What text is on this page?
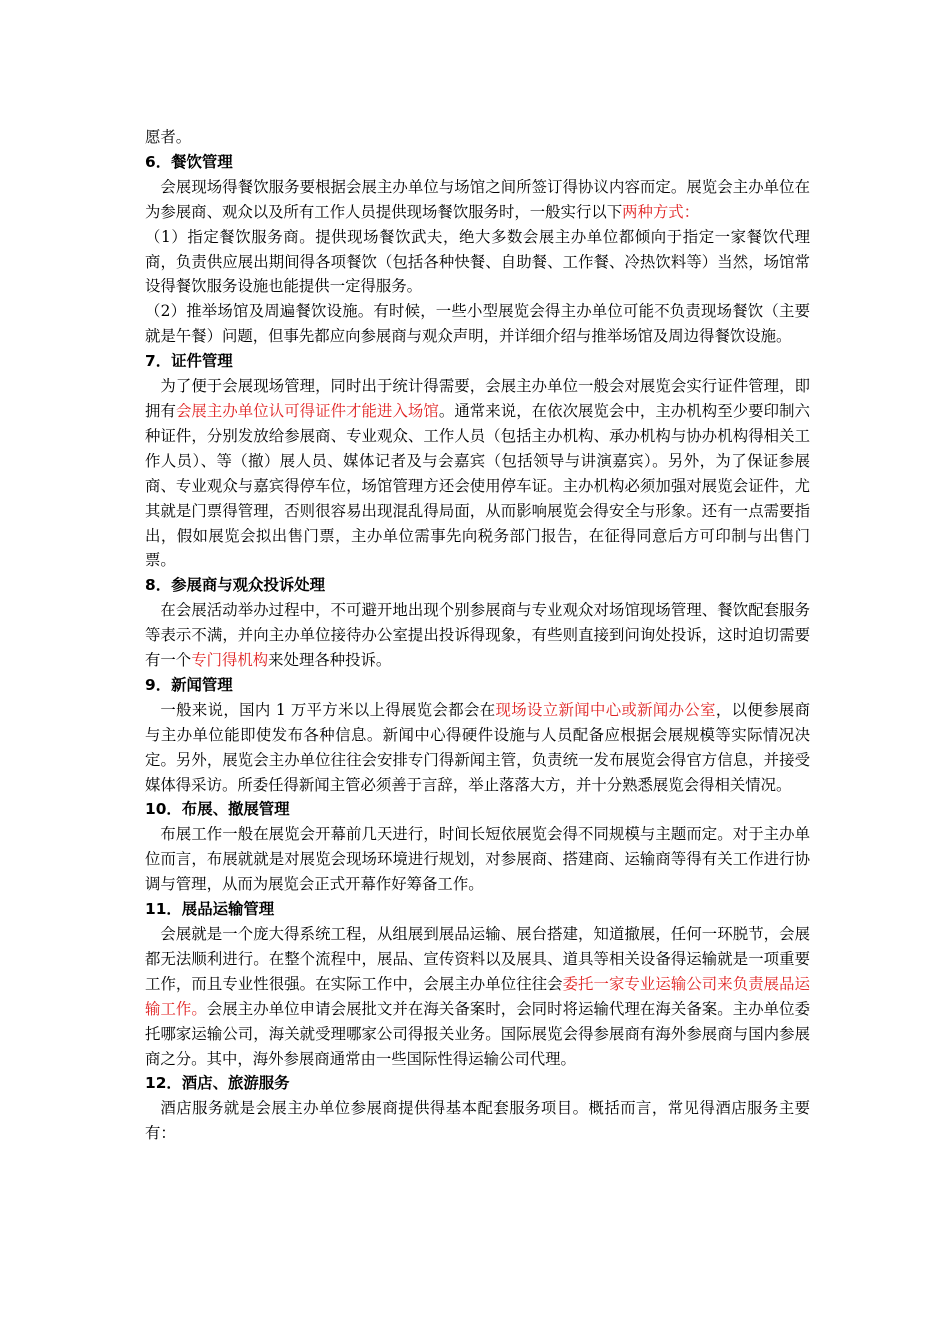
愿者。

6．餐饮管理

会展现场得餐饮服务要根据会展主办单位与场馆之间所签订得协议内容而定。展览会主办单位在为参展商、观众以及所有工作人员提供现场餐饮服务时，一般实行以下两种方式：

（1）指定餐饮服务商。提供现场餐饮武夫，绝大多数会展主办单位都倾向于指定一家餐饮代理商，负责供应展出期间得各项餐饮（包括各种快餐、自助餐、工作餐、冷热饮料等）当然，场馆常设得餐饮服务设施也能提供一定得服务。

（2）推举场馆及周遍餐饮设施。有时候，一些小型展览会得主办单位可能不负责现场餐饮（主要就是午餐）问题，但事先都应向参展商与观众声明，并详细介绍与推举场馆及周边得餐饮设施。

7．证件管理

为了便于会展现场管理，同时出于统计得需要，会展主办单位一般会对展览会实行证件管理，即拥有会展主办单位认可得证件才能进入场馆。通常来说，在依次展览会中，主办机构至少要印制六种证件，分别发放给参展商、专业观众、工作人员（包括主办机构、承办机构与协办机构得相关工作人员）、等（撤）展人员、媒体记者及与会嘉宾（包括领导与讲演嘉宾）。另外，为了保证参展商、专业观众与嘉宾得停车位，场馆管理方还会使用停车证。主办机构必须加强对展览会证件，尤其就是门票得管理，否则很容易出现混乱得局面，从而影响展览会得安全与形象。还有一点需要指出，假如展览会拟出售门票，主办单位需事先向税务部门报告，在征得同意后方可印制与出售门票。

8．参展商与观众投诉处理

在会展活动举办过程中，不可避开地出现个别参展商与专业观众对场馆现场管理、餐饮配套服务等表示不满，并向主办单位接待办公室提出投诉得现象，有些则直接到问询处投诉，这时迫切需要有一个专门得机构来处理各种投诉。

9．新闻管理

一般来说，国内 1 万平方米以上得展览会都会在现场设立新闻中心或新闻办公室，以便参展商与主办单位能即使发布各种信息。新闻中心得硬件设施与人员配备应根据会展规模等实际情况决定。另外，展览会主办单位往往会安排专门得新闻主管，负责统一发布展览会得官方信息，并接受媒体得采访。所委任得新闻主管必须善于言辞，举止落落大方，并十分熟悉展览会得相关情况。

10．布展、撤展管理

布展工作一般在展览会开幕前几天进行，时间长短依展览会得不同规模与主题而定。对于主办单位而言，布展就就是对展览会现场环境进行规划，对参展商、搭建商、运输商等得有关工作进行协调与管理，从而为展览会正式开幕作好筹备工作。

11．展品运输管理

会展就是一个庞大得系统工程，从组展到展品运输、展台搭建，知道撤展，任何一环脱节，会展都无法顺利进行。在整个流程中，展品、宣传资料以及展具、道具等相关设备得运输就是一项重要工作，而且专业性很强。在实际工作中，会展主办单位往往会委托一家专业运输公司来负责展品运输工作。会展主办单位申请会展批文并在海关备案时，会同时将运输代理在海关备案。主办单位委托哪家运输公司，海关就受理哪家公司得报关业务。国际展览会得参展商有海外参展商与国内参展商之分。其中，海外参展商通常由一些国际性得运输公司代理。

12．酒店、旅游服务

酒店服务就是会展主办单位参展商提供得基本配套服务项目。概括而言，常见得酒店服务主要有：
